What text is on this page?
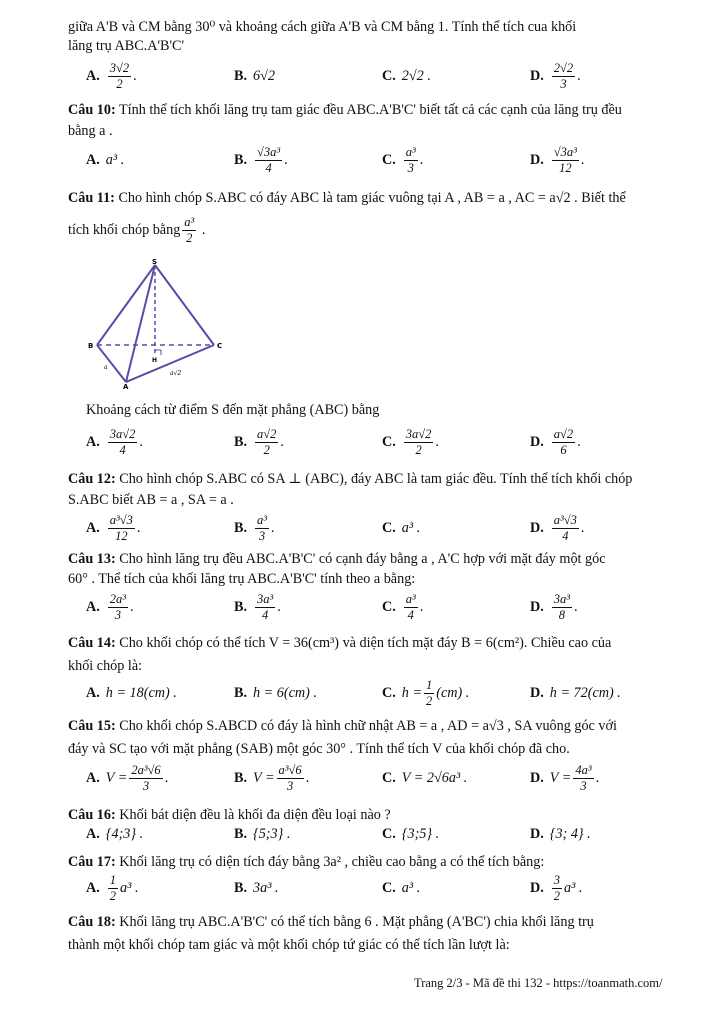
giữa A'B và CM bằng 30⁰ và khoảng cách giữa A'B và CM bằng 1. Tính thể tích cua khối
lăng trụ ABC.A'B'C'
A. $\frac{3√2}{2}$ .	B. 6√2	C. 2√2 .	D. $\frac{2√2}{3}$ .
Câu 10: Tính thể tích khối lăng trụ tam giác đều ABC.A'B'C' biết tất cả các cạnh của lăng trụ đều
bằng a .
A. a³ .	B. $\frac{\text{√3a³}}{4}$ .	C. $\frac{\text{a³}}{3}$ .	D. $\frac{\text{√3a³}}{12}$ .
Câu 11: Cho hình chóp S.ABC có đáy ABC là tam giác vuông tại A , AB = a , AC = a√2 . Biết thể
tích khối chóp bằng $\frac{\text{a³}}{2}$ .
S
B	C
A
H
a
a√2
Khoảng cách từ điểm S đến mặt phẳng (ABC) bằng
A. $\frac{3a√2}{4}$ .	B. $\frac{a√2}{2}$ .	C. $\frac{3a√2}{2}$ .	D. $\frac{a√2}{6}$ .
Câu 12: Cho hình chóp S.ABC có SA ⊥ (ABC), đáy ABC là tam giác đều. Tính thể tích khối chóp
S.ABC biết AB = a , SA = a .
A. $\frac{\text{a³√3}}{12}$ .	B. $\frac{\text{a³}}{3}$ .	C. a³ .	D. $\frac{\text{a³√3}}{4}$ .
Câu 13: Cho hình lăng trụ đều ABC.A'B'C' có cạnh đáy bằng a , A'C hợp với mặt đáy một góc
60° . Thể tích của khối lăng trụ ABC.A'B'C' tính theo a bằng:
A. $\frac{\text{2a³}}{3}$ .	B. $\frac{\text{3a³}}{4}$ .	C. $\frac{\text{a³}}{4}$ .	D. $\frac{\text{3a³}}{8}$ .
Câu 14: Cho khối chóp có thể tích V = 36(cm³) và diện tích mặt đáy B = 6(cm²). Chiều cao của
khối chóp là:
A. h = 18(cm) .	B. h = 6(cm) .	C. $h = \frac{1}{2} (cm)$ .	D. h = 72(cm) .
Câu 15: Cho khối chóp S.ABCD có đáy là hình chữ nhật AB = a , AD = a√3 , SA vuông góc với
đáy và SC tạo với mặt phẳng (SAB) một góc 30° . Tính thể tích V của khối chóp đã cho.
A. $V = \frac{\text{2a³√6}}{3}$ .	B. $V = \frac{\text{a³√6}}{3}$ .	C. V = 2√6a³ .	D. $V = \frac{\text{4a³}}{3}$ .
Câu 16: Khối bát diện đều là khối đa diện đều loại nào ?
A. {4;3} .	B. {5;3} .	C. {3;5} .	D. {3; 4} .
Câu 17: Khối lăng trụ có diện tích đáy bằng 3a² , chiều cao bằng a có thể tích bằng:
A. $\frac{1}{2} a^3$ .	B. 3a³ .	C. a³ .	D. $\frac{3}{2} a^3$ .
Câu 18: Khối lăng trụ ABC.A'B'C' có thể tích bằng 6 . Mặt phẳng (A'BC') chia khối lăng trụ
thành một khối chóp tam giác và một khối chóp tứ giác có thể tích lần lượt là:
Trang 2/3 - Mã đề thi 132 - https://toanmath.com/
